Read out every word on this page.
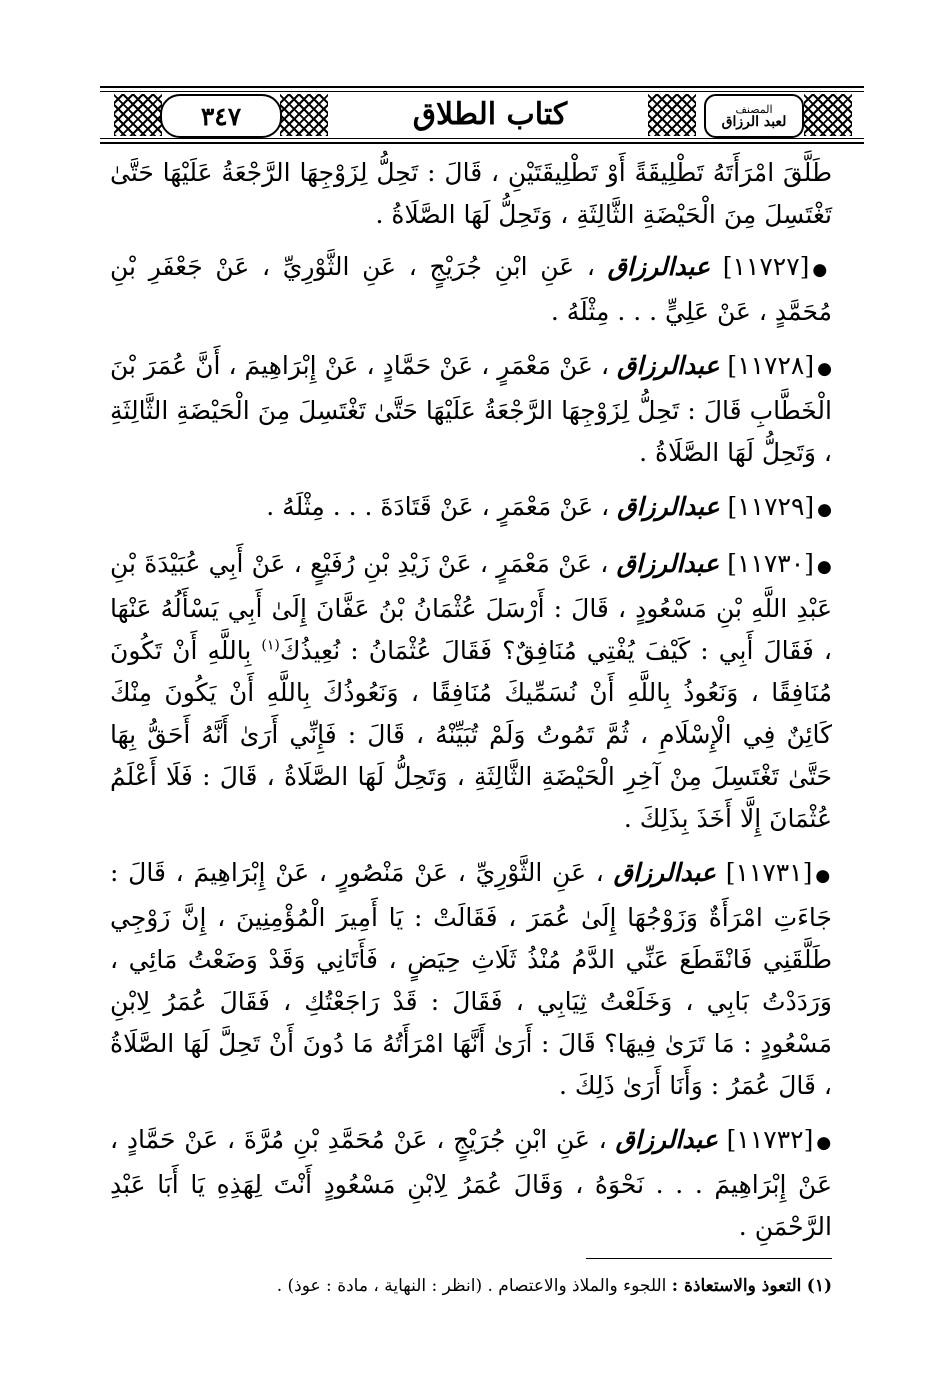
٣٤٧	كتاب الطلاق	المصنف
لعبد الرزاق

طَلَّقَ امْرَأَتَهُ تَطْلِيقَةً أَوْ تَطْلِيقَتَيْنِ ، قَالَ : تَحِلُّ لِزَوْجِهَا الرَّجْعَةُ عَلَيْهَا حَتَّىٰ تَغْتَسِلَ مِنَ الْحَيْضَةِ الثَّالِثَةِ ، وَتَحِلُّ لَهَا الصَّلَاةُ .

●[١١٧٢٧] عبدالرزاق ، عَنِ ابْنِ جُرَيْجٍ ، عَنِ الثَّوْرِيِّ ، عَنْ جَعْفَرِ بْنِ مُحَمَّدٍ ، عَنْ عَلِيٍّ . . . مِثْلَهُ .

●[١١٧٢٨] عبدالرزاق ، عَنْ مَعْمَرٍ ، عَنْ حَمَّادٍ ، عَنْ إِبْرَاهِيمَ ، أَنَّ عُمَرَ بْنَ الْخَطَّابِ قَالَ : تَحِلُّ لِزَوْجِهَا الرَّجْعَةُ عَلَيْهَا حَتَّىٰ تَغْتَسِلَ مِنَ الْحَيْضَةِ الثَّالِثَةِ ، وَتَحِلُّ لَهَا الصَّلَاةُ .

●[١١٧٢٩] عبدالرزاق ، عَنْ مَعْمَرٍ ، عَنْ قَتَادَةَ . . . مِثْلَهُ .

●[١١٧٣٠] عبدالرزاق ، عَنْ مَعْمَرٍ ، عَنْ زَيْدِ بْنِ رُفَيْعٍ ، عَنْ أَبِي عُبَيْدَةَ بْنِ عَبْدِ اللَّهِ بْنِ مَسْعُودٍ ، قَالَ : أَرْسَلَ عُثْمَانُ بْنُ عَفَّانَ إِلَىٰ أَبِي يَسْأَلُهُ عَنْهَا ، فَقَالَ أَبِي : كَيْفَ يُفْتِي مُنَافِقٌ؟ فَقَالَ عُثْمَانُ : نُعِيذُكَ$^{(١)}$ بِاللَّهِ أَنْ تَكُونَ مُنَافِقًا ، وَنَعُوذُ بِاللَّهِ أَنْ نُسَمِّيكَ مُنَافِقًا ، وَنَعُوذُكَ بِاللَّهِ أَنْ يَكُونَ مِنْكَ كَائِنٌ فِي الْإِسْلَامِ ، ثُمَّ تَمُوتُ وَلَمْ تُبَيِّنْهُ ، قَالَ : فَإِنِّي أَرَىٰ أَنَّهُ أَحَقُّ بِهَا حَتَّىٰ تَغْتَسِلَ مِنْ آخِرِ الْحَيْضَةِ الثَّالِثَةِ ، وَتَحِلُّ لَهَا الصَّلَاةُ ، قَالَ : فَلَا أَعْلَمُ عُثْمَانَ إِلَّا أَخَذَ بِذَلِكَ .

●[١١٧٣١] عبدالرزاق ، عَنِ الثَّوْرِيِّ ، عَنْ مَنْصُورٍ ، عَنْ إِبْرَاهِيمَ ، قَالَ : جَاءَتِ امْرَأَةٌ وَزَوْجُهَا إِلَىٰ عُمَرَ ، فَقَالَتْ : يَا أَمِيرَ الْمُؤْمِنِينَ ، إِنَّ زَوْجِي طَلَّقَنِي فَانْقَطَعَ عَنِّي الدَّمُ مُنْذُ ثَلَاثِ حِيَضٍ ، فَأَتَانِي وَقَدْ وَضَعْتُ مَائِي ، وَرَدَدْتُ بَابِي ، وَخَلَعْتُ ثِيَابِي ، فَقَالَ : قَدْ رَاجَعْتُكِ ، فَقَالَ عُمَرُ لِابْنِ مَسْعُودٍ : مَا تَرَىٰ فِيهَا؟ قَالَ : أَرَىٰ أَنَّهَا امْرَأَتُهُ مَا دُونَ أَنْ تَحِلَّ لَهَا الصَّلَاةُ ، قَالَ عُمَرُ : وَأَنَا أَرَىٰ ذَلِكَ .

●[١١٧٣٢] عبدالرزاق ، عَنِ ابْنِ جُرَيْجٍ ، عَنْ مُحَمَّدِ بْنِ مُرَّةَ ، عَنْ حَمَّادٍ ، عَنْ إِبْرَاهِيمَ . . . نَحْوَهُ ، وَقَالَ عُمَرُ لِابْنِ مَسْعُودٍ أَنْتَ لِهَذِهِ يَا أَبَا عَبْدِ الرَّحْمَنِ .

(١) التعوذ والاستعاذة : اللجوء والملاذ والاعتصام . (انظر : النهاية ، مادة : عوذ) .
